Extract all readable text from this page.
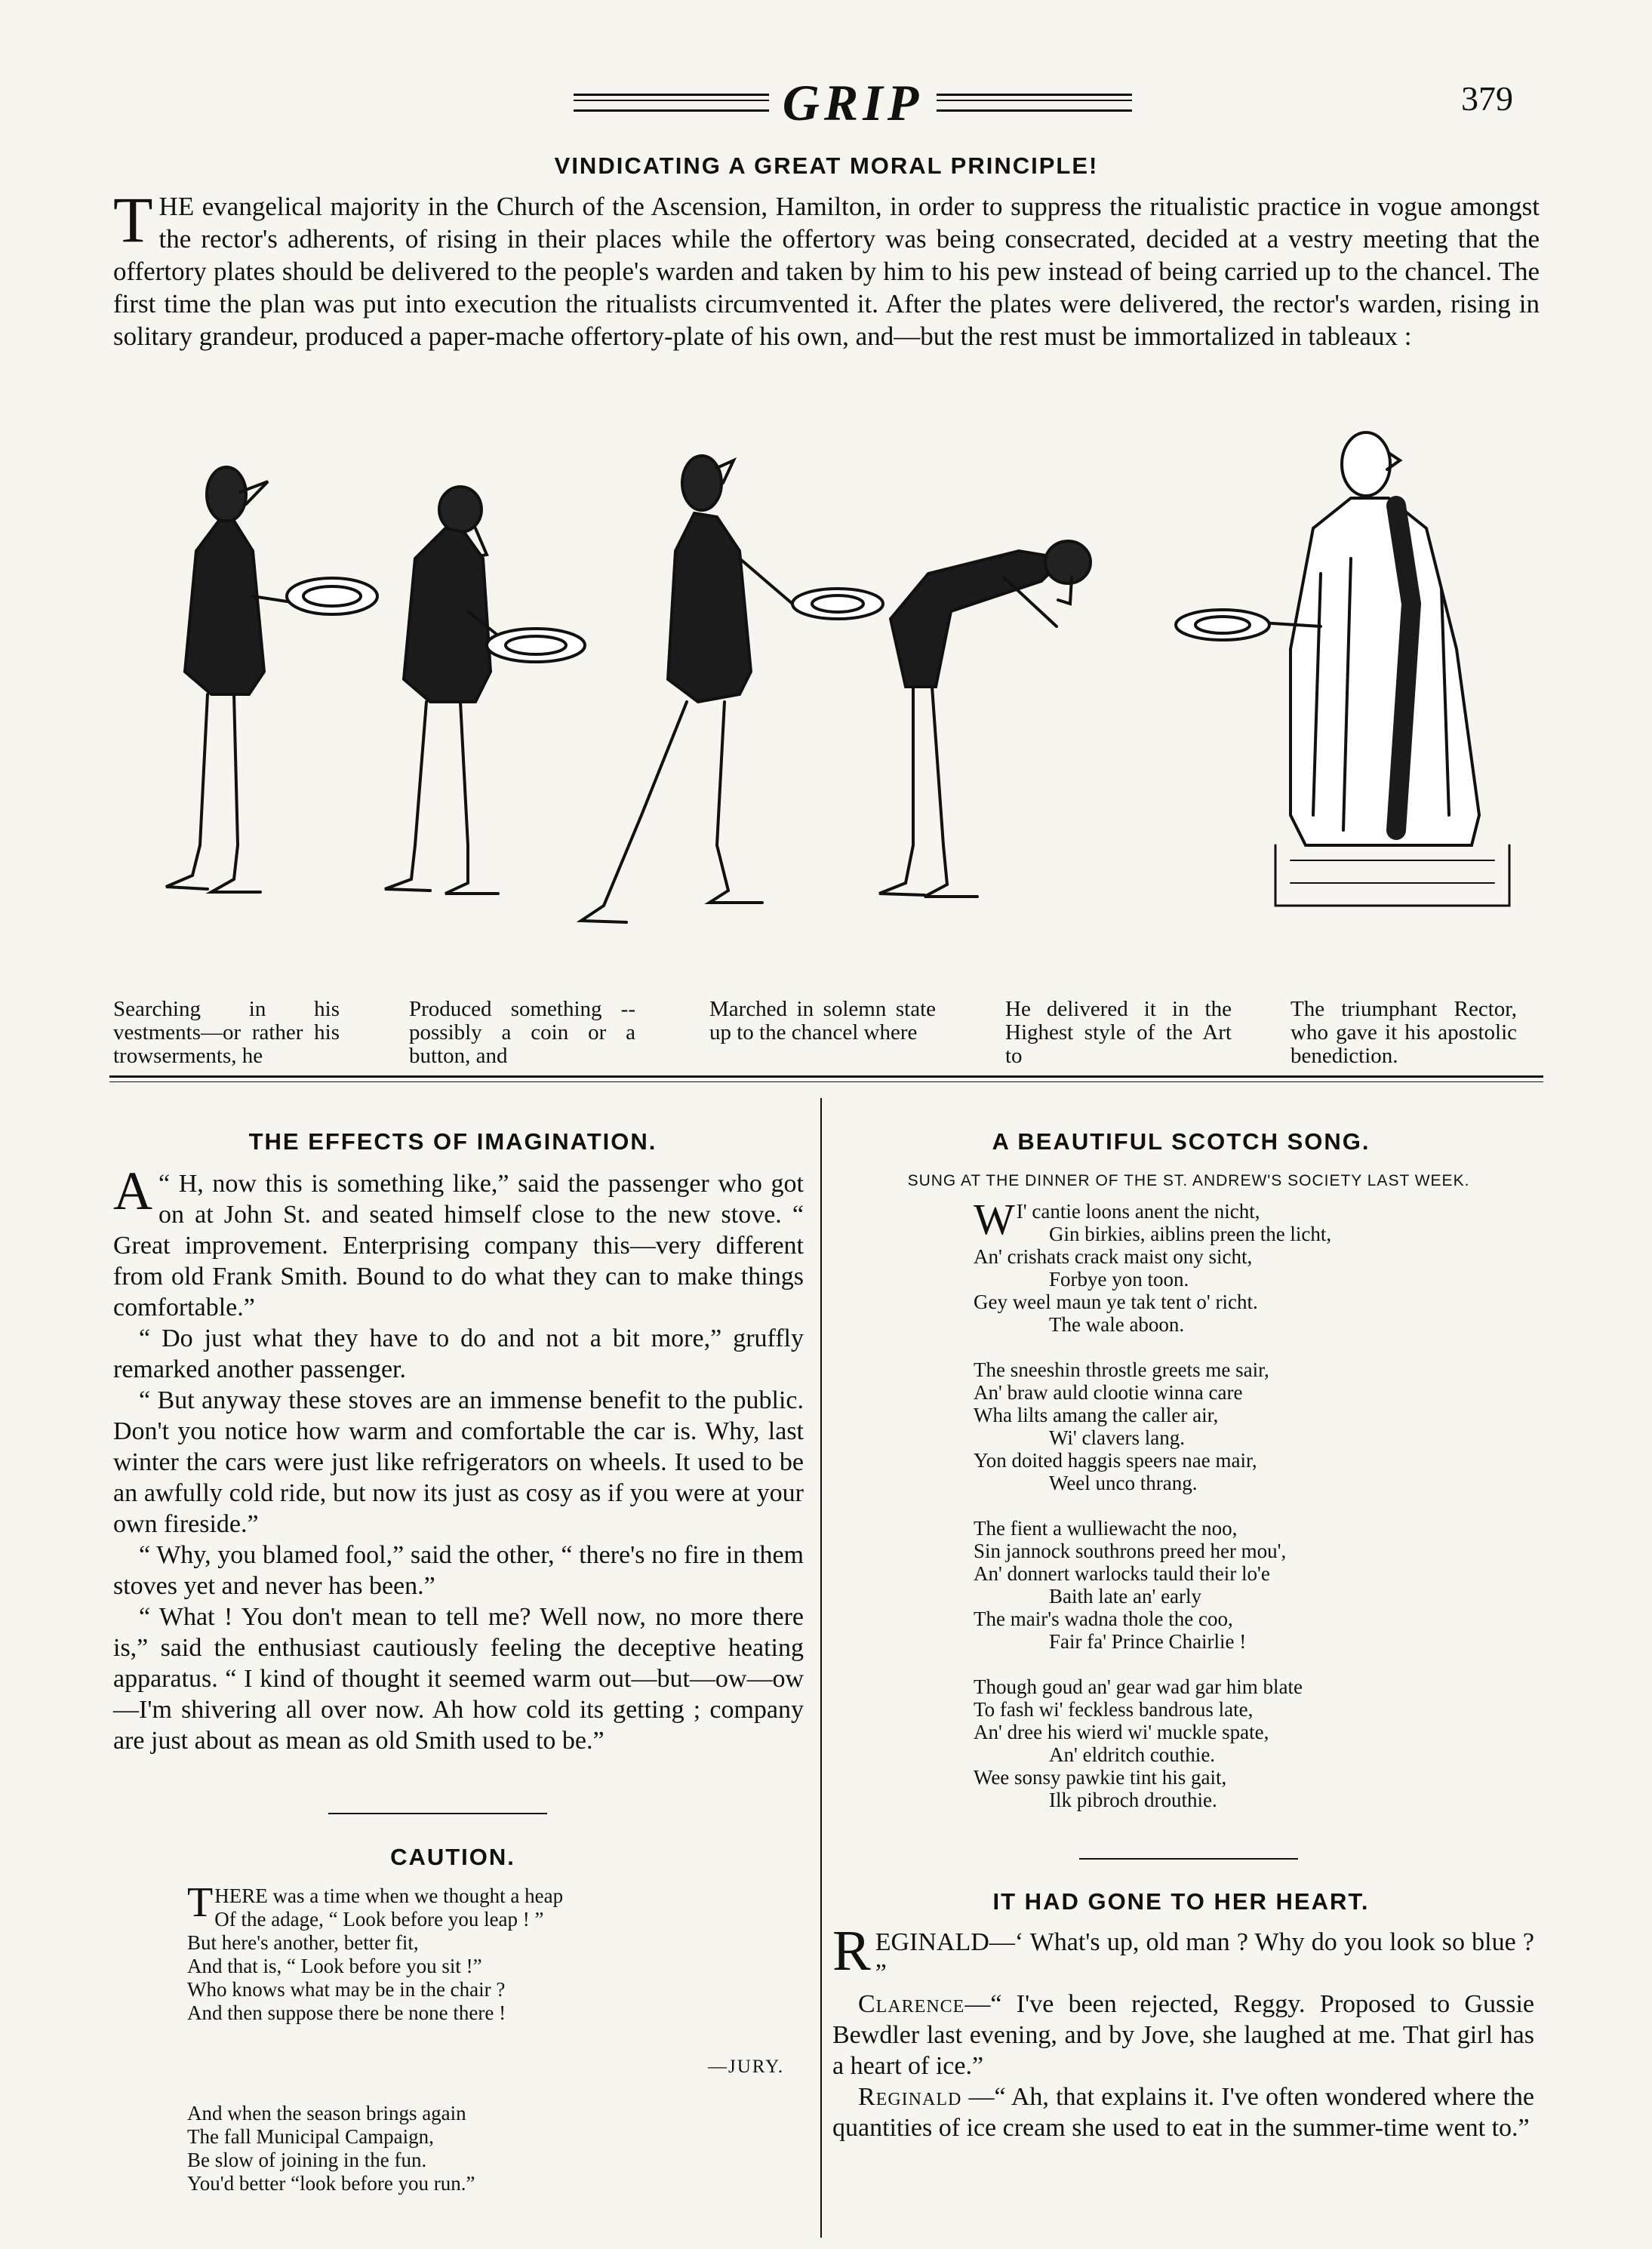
GRIP	379
VINDICATING A GREAT MORAL PRINCIPLE!
T HE evangelical majority in the Church of the Ascension, Hamilton, in order to suppress the ritualistic practice in vogue amongst the rector's adherents, of rising in their places while the offertory was being consecrated, decided at a vestry meeting that the offertory plates should be delivered to the people's warden and taken by him to his pew instead of being carried up to the chancel. The first time the plan was put into execution the ritualists circumvented it. After the plates were delivered, the rector's warden, rising in solitary grandeur, produced a paper-mache offertory-plate of his own, and—but the rest must be immortalized in tableaux :
Searching in his vestments—or rather his trowserments, he
Produced something --possibly a coin or a button, and
Marched in solemn state up to the chancel where
He delivered it in the Highest style of the Art to
The triumphant Rector, who gave it his apostolic benediction.
THE EFFECTS OF IMAGINATION.

A “ H, now this is something like,” said the passenger who got on at John St. and seated himself close to the new stove. “ Great improvement. Enterprising company this—very different from old Frank Smith. Bound to do what they can to make things comfortable.”

“ Do just what they have to do and not a bit more,” gruffly remarked another passenger.

“ But anyway these stoves are an immense benefit to the public. Don't you notice how warm and comfortable the car is. Why, last winter the cars were just like refrigerators on wheels. It used to be an awfully cold ride, but now its just as cosy as if you were at your own fireside.”

“ Why, you blamed fool,” said the other, “ there's no fire in them stoves yet and never has been.”

“ What ! You don't mean to tell me? Well now, no more there is,” said the enthusiast cautiously feeling the deceptive heating apparatus. “ I kind of thought it seemed warm out—but—ow—ow—I'm shivering all over now. Ah how cold its getting ; company are just about as mean as old Smith used to be.”

CAUTION.
THERE was a time when we thought a heap
Of the adage, “ Look before you leap ! ”
But here's another, better fit,
And that is, “ Look before you sit !”
Who knows what may be in the chair ?
And then suppose there be none there !
—JURY.
And when the season brings again
The fall Municipal Campaign,
Be slow of joining in the fun.
You'd better “look before you run.”
A BEAUTIFUL SCOTCH SONG.
SUNG AT THE DINNER OF THE ST. ANDREW'S SOCIETY LAST WEEK.
W I' cantie loons anent the nicht,
Gin birkies, aiblins preen the licht,
An' crishats crack maist ony sicht,
Forbye yon toon.
Gey weel maun ye tak tent o' richt.
The wale aboon.
The sneeshin throstle greets me sair,
An' braw auld clootie winna care
Wha lilts amang the caller air,
Wi' clavers lang.
Yon doited haggis speers nae mair,
Weel unco thrang.
The fient a wulliewacht the noo,
Sin jannock southrons preed her mou',
An' donnert warlocks tauld their lo'e
Baith late an' early
The mair's wadna thole the coo,
Fair fa' Prince Chairlie !
Though goud an' gear wad gar him blate
To fash wi' feckless bandrous late,
An' dree his wierd wi' muckle spate,
An' eldritch couthie.
Wee sonsy pawkie tint his gait,
Ilk pibroch drouthie.
IT HAD GONE TO HER HEART.

REGINALD—‘ What's up, old man ? Why do you look so blue ? ”

Clarence—“ I've been rejected, Reggy. Proposed to Gussie Bewdler last evening, and by Jove, she laughed at me. That girl has a heart of ice.”

Reginald —“ Ah, that explains it. I've often wondered where the quantities of ice cream she used to eat in the summer-time went to.”
